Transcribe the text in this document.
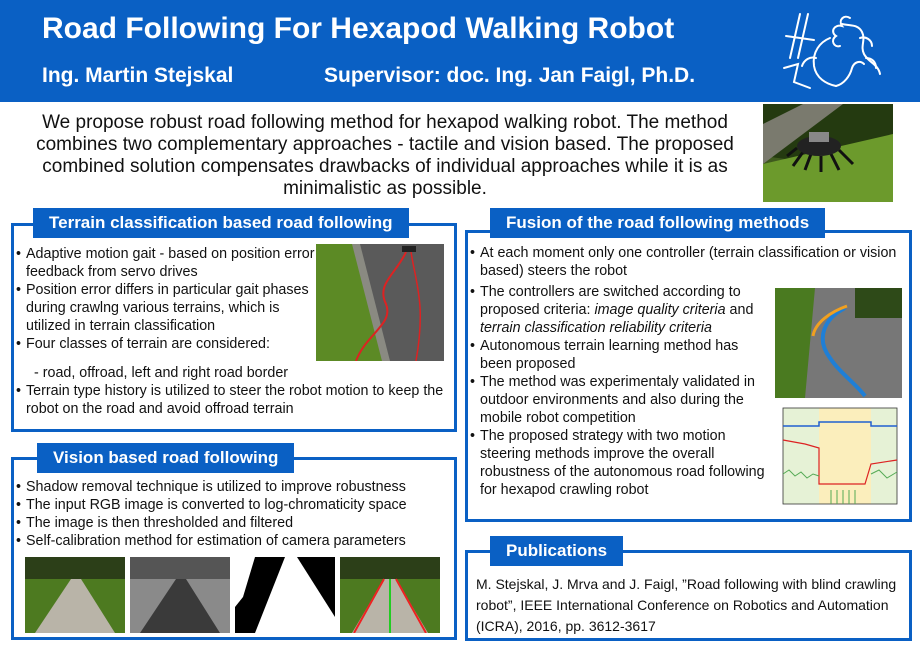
Road Following For Hexapod Walking Robot
Ing. Martin Stejskal	Supervisor: doc. Ing. Jan Faigl, Ph.D.
We propose robust road following method for hexapod walking robot. The method combines two complementary approaches - tactile and vision based. The proposed combined solution compensates drawbacks of individual approaches while it is as minimalistic as possible.
Terrain classification based road following
• Adaptive motion gait - based on position error feedback from servo drives
• Position error differs in particular gait phases during crawlng various terrains, which is utilized in terrain classification
• Four classes of terrain are considered:
- road, offroad, left and right road border
• Terrain type history is utilized to steer the robot motion to keep the robot on the road and avoid offroad terrain
Vision based road following
• Shadow removal technique is utilized to improve robustness
• The input RGB image is converted to log-chromaticity space
• The image is then thresholded and filtered
• Self-calibration method for estimation of camera parameters
Fusion of the road following methods
• At each moment only one controller (terrain classification or vision based) steers the robot
• The controllers are switched according to proposed criteria: image quality criteria and terrain classification reliability criteria
• Autonomous terrain learning method has been proposed
• The method was experimentaly validated in outdoor environments and also during the mobile robot competition
• The proposed strategy with two motion steering methods improve the overall robustness of the autonomous road following for hexapod crawling robot
Publications
M. Stejskal, J. Mrva and J. Faigl, ”Road following with blind crawling robot”, IEEE International Conference on Robotics and Automation (ICRA), 2016, pp. 3612-3617
